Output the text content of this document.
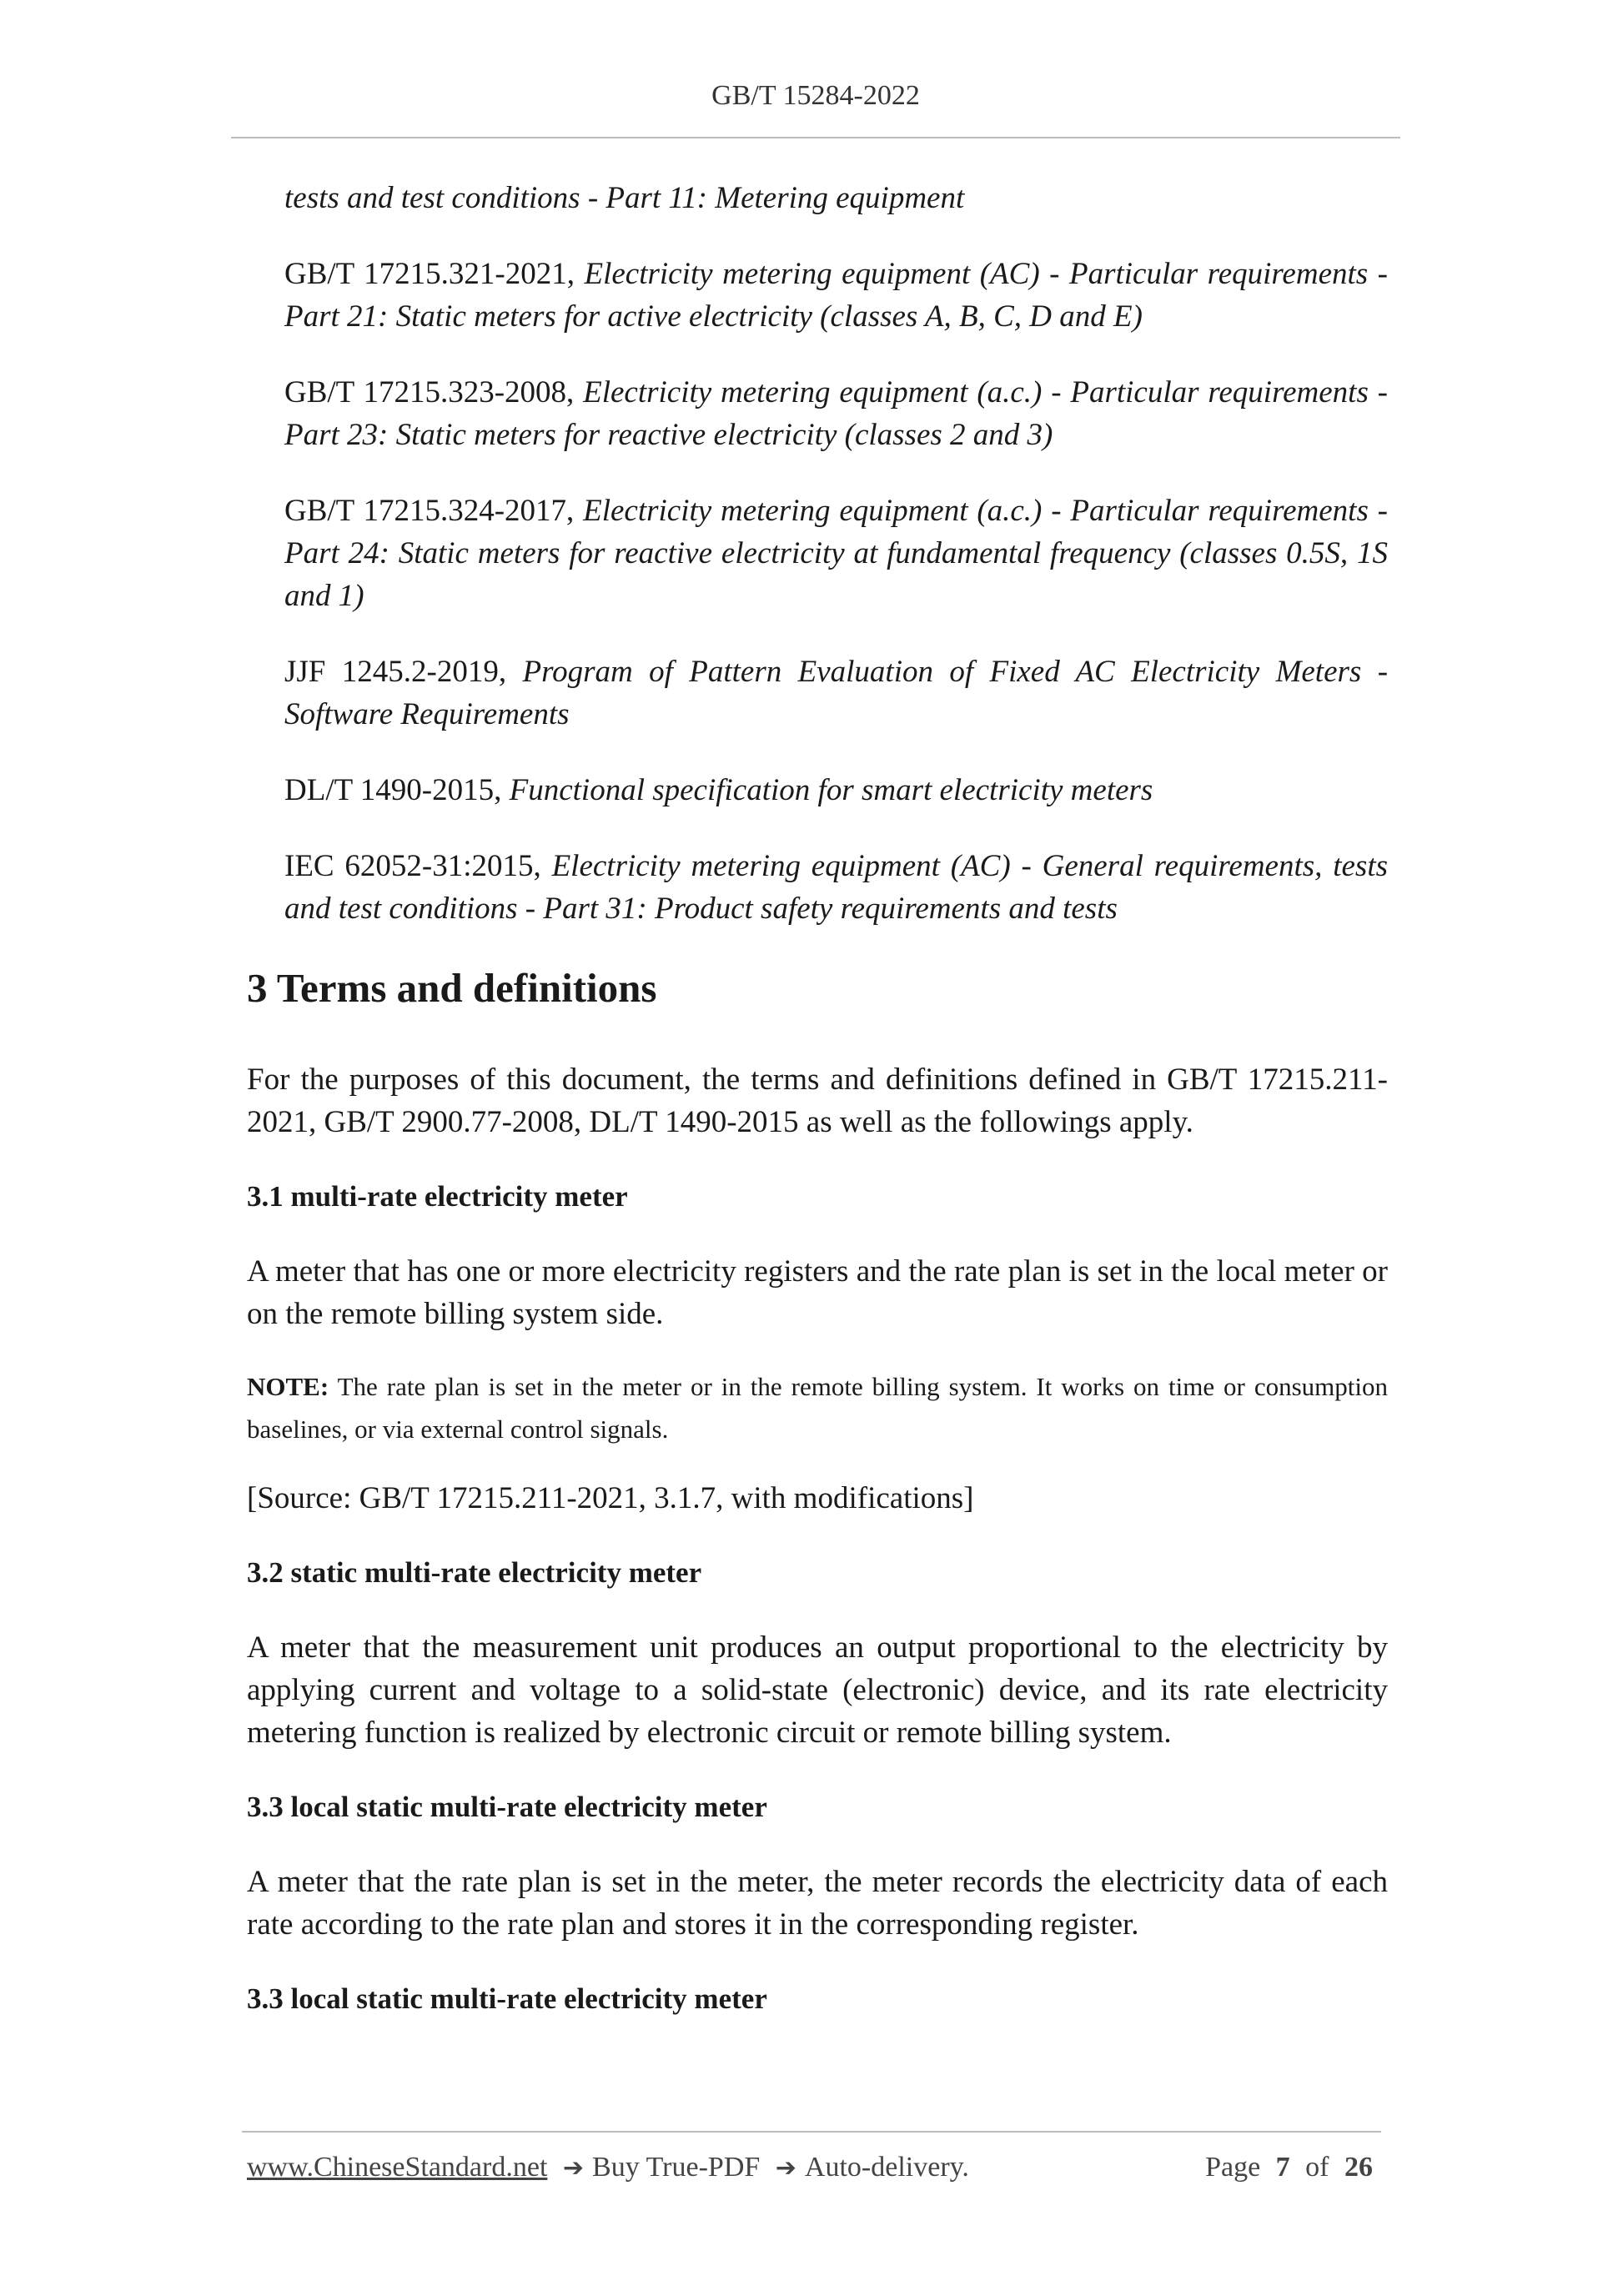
GB/T 15284-2022

tests and test conditions - Part 11: Metering equipment

GB/T 17215.321-2021, Electricity metering equipment (AC) - Particular requirements - Part 21: Static meters for active electricity (classes A, B, C, D and E)

GB/T 17215.323-2008, Electricity metering equipment (a.c.) - Particular requirements - Part 23: Static meters for reactive electricity (classes 2 and 3)

GB/T 17215.324-2017, Electricity metering equipment (a.c.) - Particular requirements - Part 24: Static meters for reactive electricity at fundamental frequency (classes 0.5S, 1S and 1)

JJF 1245.2-2019, Program of Pattern Evaluation of Fixed AC Electricity Meters - Software Requirements

DL/T 1490-2015, Functional specification for smart electricity meters

IEC 62052-31:2015, Electricity metering equipment (AC) - General requirements, tests and test conditions - Part 31: Product safety requirements and tests

3 Terms and definitions

For the purposes of this document, the terms and definitions defined in GB/T 17215.211-2021, GB/T 2900.77-2008, DL/T 1490-2015 as well as the followings apply.

3.1 multi-rate electricity meter

A meter that has one or more electricity registers and the rate plan is set in the local meter or on the remote billing system side.

NOTE: The rate plan is set in the meter or in the remote billing system. It works on time or consumption baselines, or via external control signals.

[Source: GB/T 17215.211-2021, 3.1.7, with modifications]

3.2 static multi-rate electricity meter

A meter that the measurement unit produces an output proportional to the electricity by applying current and voltage to a solid-state (electronic) device, and its rate electricity metering function is realized by electronic circuit or remote billing system.

3.3 local static multi-rate electricity meter

A meter that the rate plan is set in the meter, the meter records the electricity data of each rate according to the rate plan and stores it in the corresponding register.

3.3 local static multi-rate electricity meter

www.ChineseStandard.net ➔ Buy True-PDF ➔ Auto-delivery.	Page 7 of 26
